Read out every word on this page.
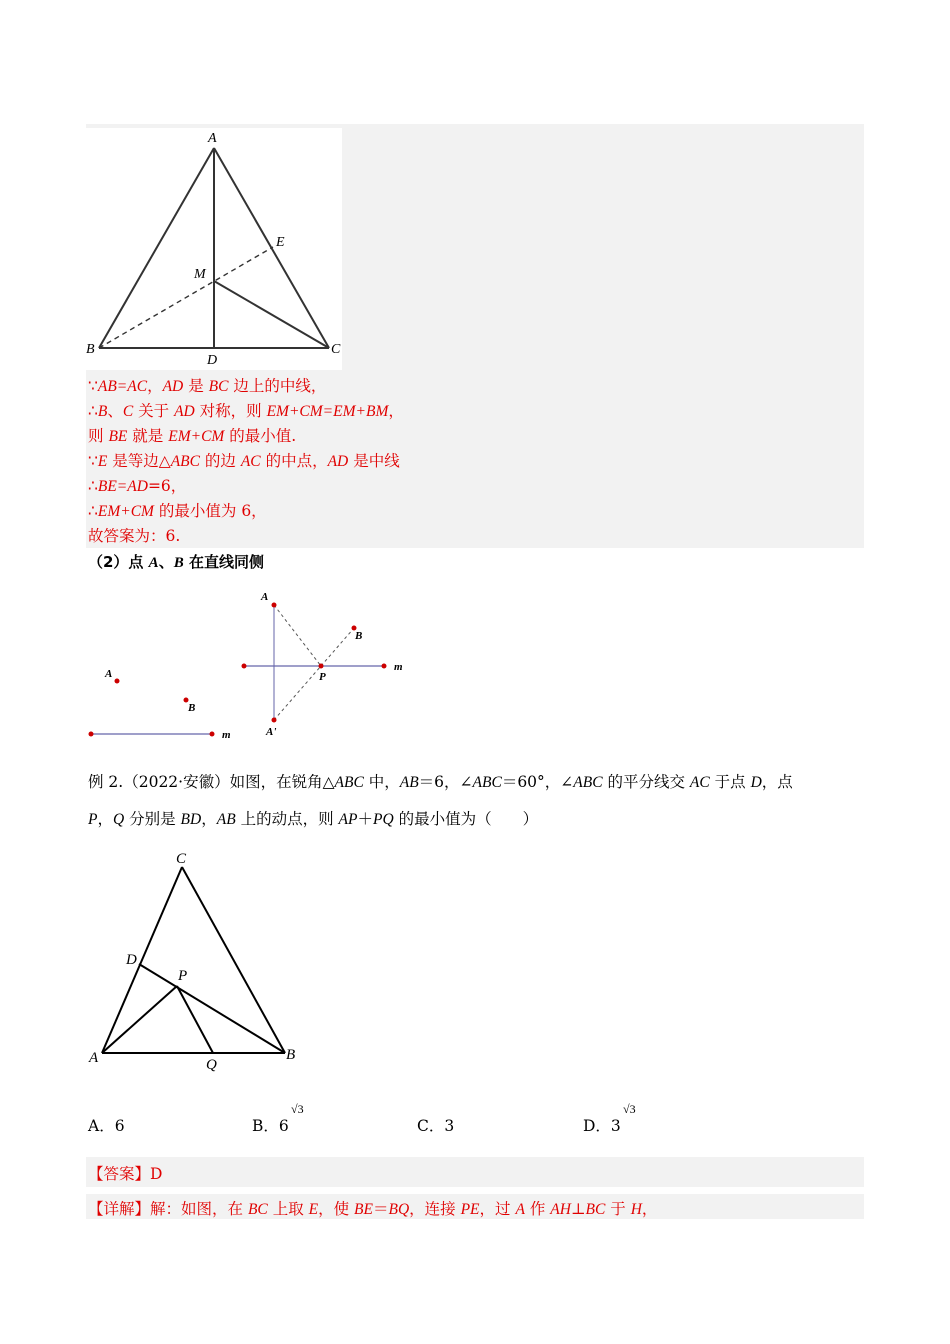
A
E
M
B	C
D
∵AB=AC，AD 是 BC 边上的中线，
∴B、C 关于 AD 对称，则 EM+CM=EM+BM，
则 BE 就是 EM+CM 的最小值.
∵E 是等边△ABC 的边 AC 的中点，AD 是中线
∴BE=AD=6，
∴EM+CM 的最小值为 6，
故答案为：6.
（2）点 A、B 在直线同侧
A
B
m
A
B
P
m
A'
例 2.（2022·安徽）如图，在锐角△ABC 中，AB＝6，∠ABC＝60°，∠ABC 的平分线交 AC 于点 D，点
P，Q 分别是 BD，AB 上的动点，则 AP＋PQ 的最小值为（　　）
C
D
P
A	B
Q
A．6	B．6
√3
C．3	D．3
√3
【答案】D
【详解】解：如图，在 BC 上取 E，使 BE＝BQ，连接 PE，过 A 作 AH⊥BC 于 H，
